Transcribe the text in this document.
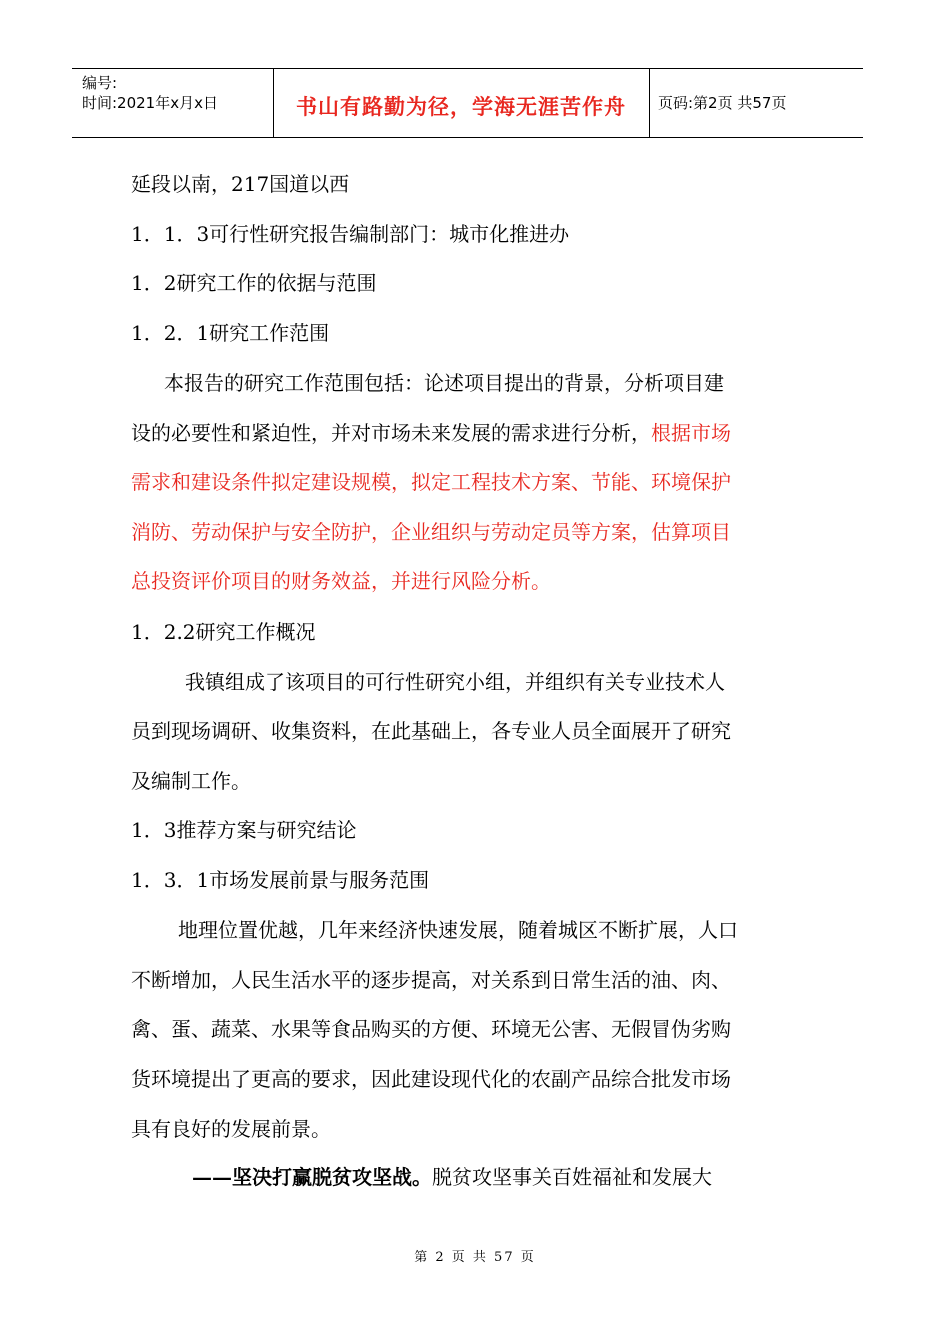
编号:
时间:2021年x月x日	书山有路勤为径，学海无涯苦作舟	页码:第2页 共57页
延段以南，217国道以西
1．1．3可行性研究报告编制部门：城市化推进办
1．2研究工作的依据与范围
1．2．1研究工作范围
本报告的研究工作范围包括：论述项目提出的背景，分析项目建
设的必要性和紧迫性，并对市场未来发展的需求进行分析，根据市场
需求和建设条件拟定建设规模，拟定工程技术方案、节能、环境保护
消防、劳动保护与安全防护，企业组织与劳动定员等方案，估算项目
总投资评价项目的财务效益，并进行风险分析。
1．2.2研究工作概况
我镇组成了该项目的可行性研究小组，并组织有关专业技术人
员到现场调研、收集资料，在此基础上，各专业人员全面展开了研究
及编制工作。
1．3推荐方案与研究结论
1．3．1市场发展前景与服务范围
地理位置优越，几年来经济快速发展，随着城区不断扩展，人口
不断增加，人民生活水平的逐步提高，对关系到日常生活的油、肉、
禽、蛋、蔬菜、水果等食品购买的方便、环境无公害、无假冒伪劣购
货环境提出了更高的要求，因此建设现代化的农副产品综合批发市场
具有良好的发展前景。
——坚决打赢脱贫攻坚战。脱贫攻坚事关百姓福祉和发展大
第 2 页 共 57 页
